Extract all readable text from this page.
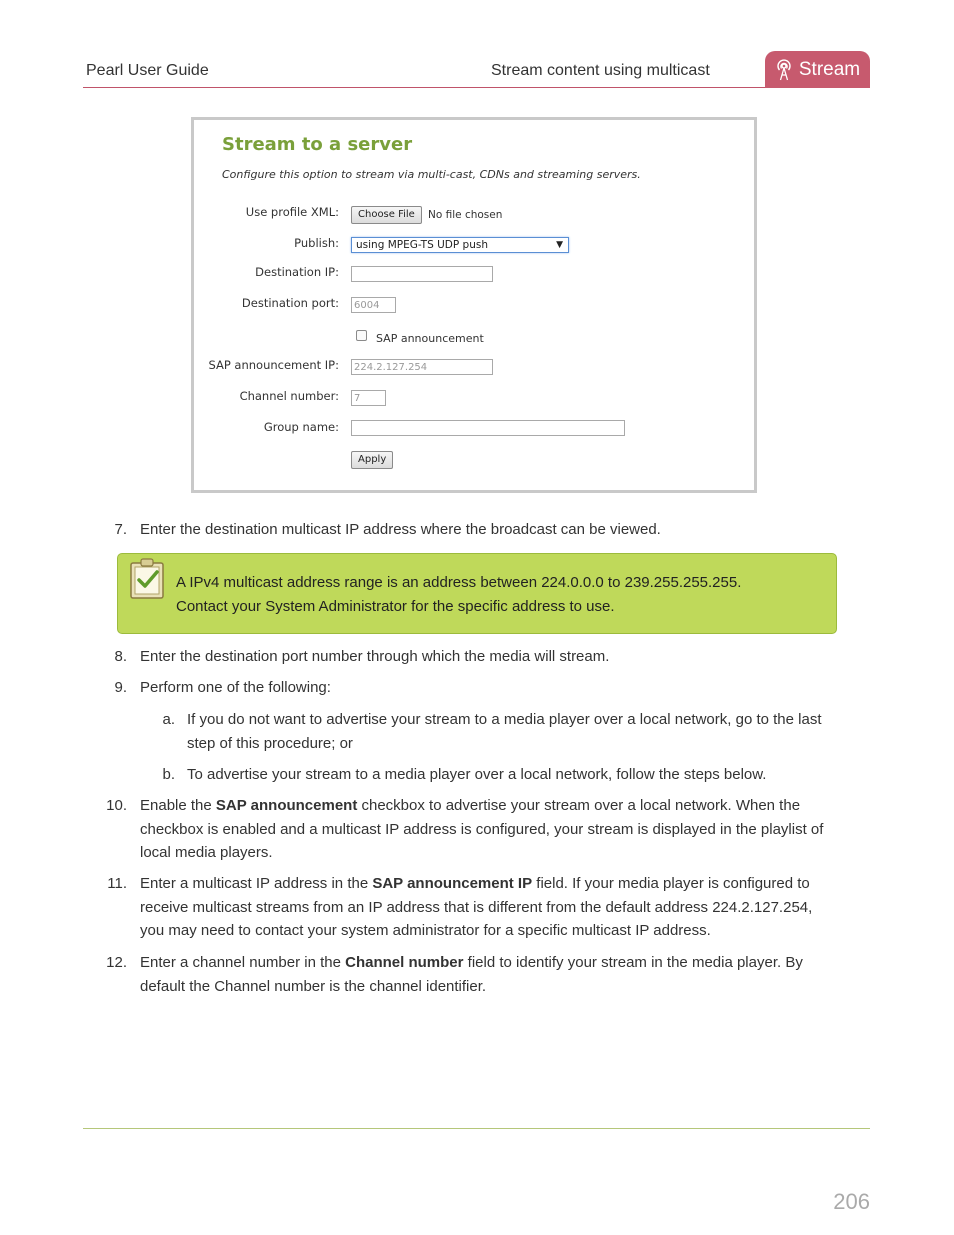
Pearl User Guide	Stream content using multicast	Stream
Stream to a server
Configure this option to stream via multi-cast, CDNs and streaming servers.
Use profile XML:	Choose File	No file chosen
Publish:	using MPEG-TS UDP push	▼
Destination IP:
Destination port:	6004
SAP announcement
SAP announcement IP:	224.2.127.254
Channel number:	7
Group name:
Apply
7. Enter the destination multicast IP address where the broadcast can be viewed.
A IPv4 multicast address range is an address between 224.0.0.0 to 239.255.255.255.
Contact your System Administrator for the specific address to use.
8. Enter the destination port number through which the media will stream.
9. Perform one of the following:
a. If you do not want to advertise your stream to a media player over a local network, go to the last
step of this procedure; or
b. To advertise your stream to a media player over a local network, follow the steps below.
10. Enable the SAP announcement checkbox to advertise your stream over a local network. When the
checkbox is enabled and a multicast IP address is configured, your stream is displayed in the playlist of
local media players.
11. Enter a multicast IP address in the SAP announcement IP field. If your media player is configured to
receive multicast streams from an IP address that is different from the default address 224.2.127.254,
you may need to contact your system administrator for a specific multicast IP address.
12. Enter a channel number in the Channel number field to identify your stream in the media player. By
default the Channel number is the channel identifier.
206
